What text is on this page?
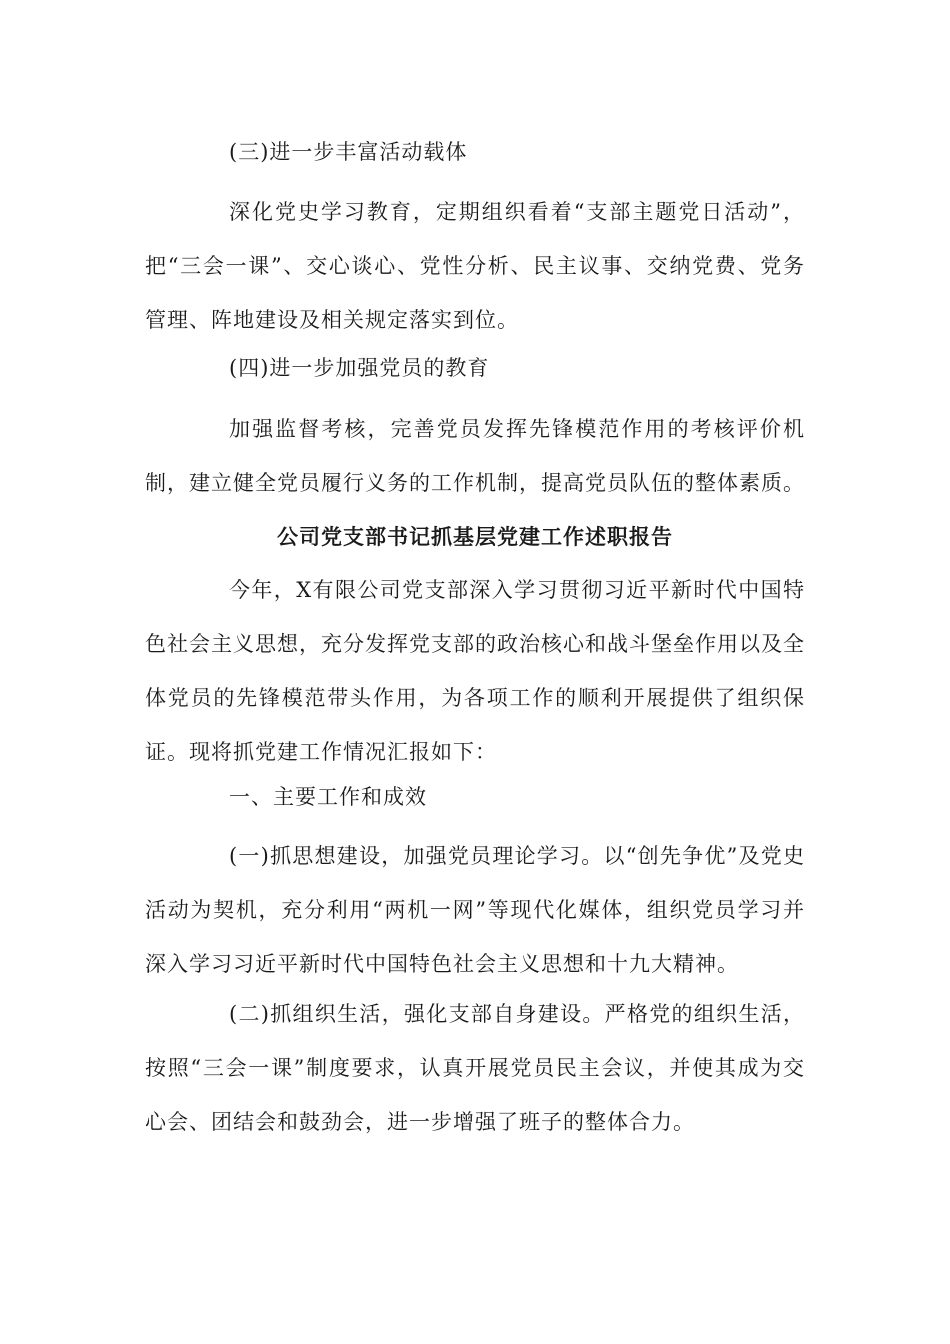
(三)进一步丰富活动载体

深化党史学习教育，定期组织看着“支部主题党日活动”，把“三会一课”、交心谈心、党性分析、民主议事、交纳党费、党务管理、阵地建设及相关规定落实到位。

(四)进一步加强党员的教育

加强监督考核，完善党员发挥先锋模范作用的考核评价机制，建立健全党员履行义务的工作机制，提高党员队伍的整体素质。

公司党支部书记抓基层党建工作述职报告

今年，X有限公司党支部深入学习贯彻习近平新时代中国特色社会主义思想，充分发挥党支部的政治核心和战斗堡垒作用以及全体党员的先锋模范带头作用，为各项工作的顺利开展提供了组织保证。现将抓党建工作情况汇报如下：

一、主要工作和成效

(一)抓思想建设，加强党员理论学习。以“创先争优”及党史活动为契机，充分利用“两机一网”等现代化媒体，组织党员学习并深入学习习近平新时代中国特色社会主义思想和十九大精神。

(二)抓组织生活，强化支部自身建设。严格党的组织生活，按照“三会一课”制度要求，认真开展党员民主会议，并使其成为交心会、团结会和鼓劲会，进一步增强了班子的整体合力。
